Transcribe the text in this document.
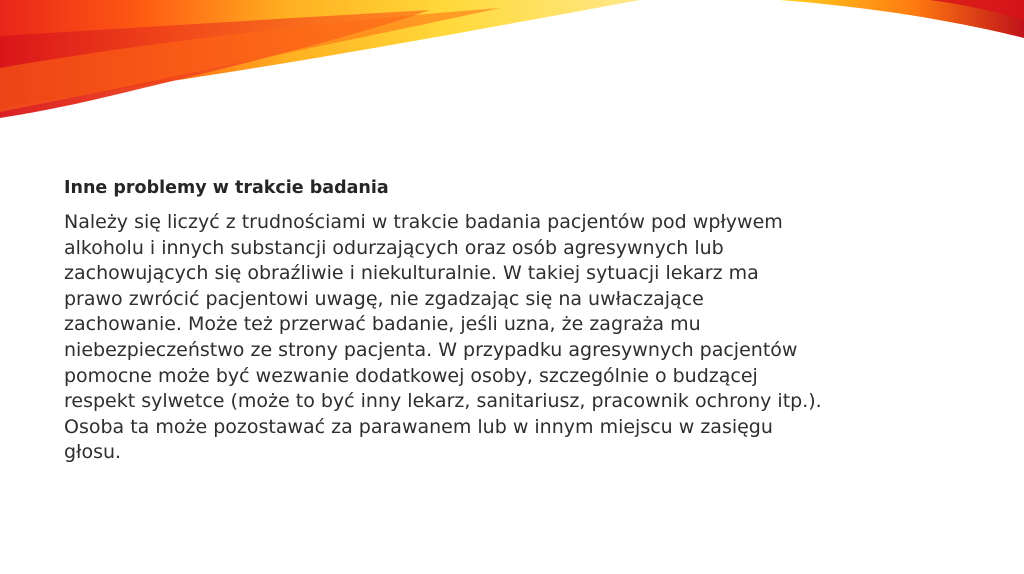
Inne problemy w trakcie badania
Należy się liczyć z trudnościami w trakcie badania pacjentów pod wpływem
alkoholu i innych substancji odurzających oraz osób agresywnych lub
zachowujących się obraźliwie i niekulturalnie. W takiej sytuacji lekarz ma
prawo zwrócić pacjentowi uwagę, nie zgadzając się na uwłaczające
zachowanie. Może też przerwać badanie, jeśli uzna, że zagraża mu
niebezpieczeństwo ze strony pacjenta. W przypadku agresywnych pacjentów
pomocne może być wezwanie dodatkowej osoby, szczególnie o budzącej
respekt sylwetce (może to być inny lekarz, sanitariusz, pracownik ochrony itp.).
Osoba ta może pozostawać za parawanem lub w innym miejscu w zasięgu
głosu.
